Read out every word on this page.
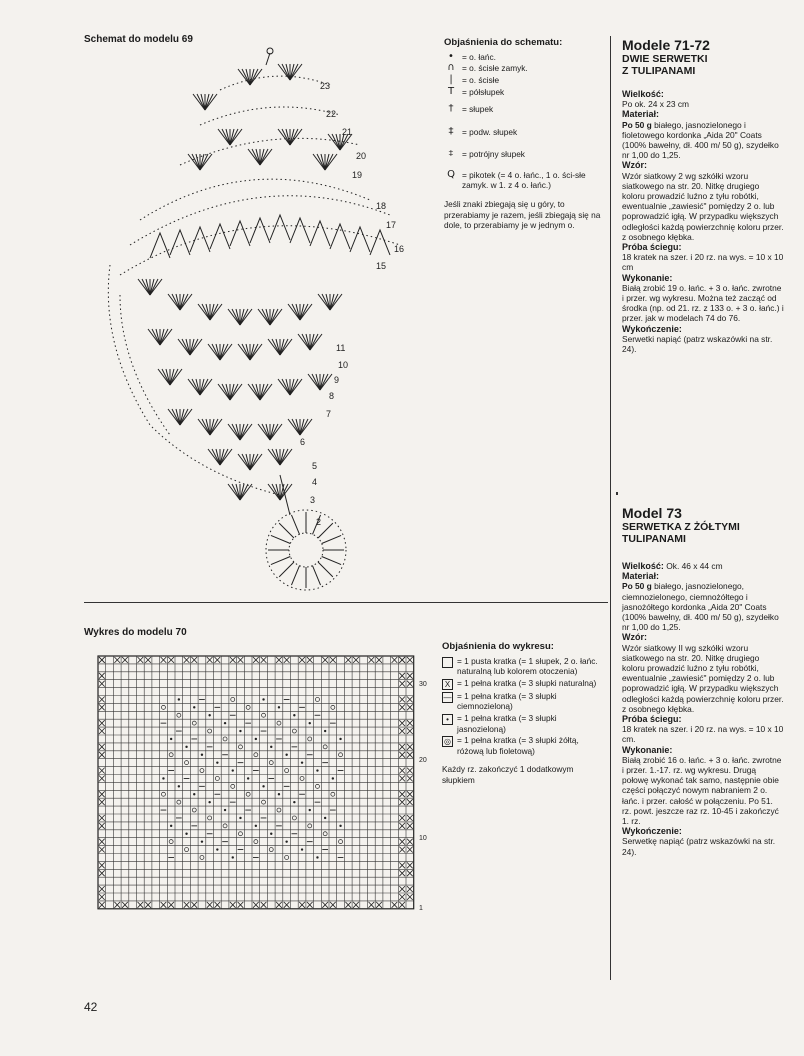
Schemat do modelu 69
Wykres do modelu 70
23
22
21
20
19
18
17
16
15
11
10
9
8
7
6
5
4
3
2
30
20
10
1
Objaśnienia do schematu:
• = o. łańc.
∩ = o. ścisłe zamyk.
|	= o. ścisłe
T = półsłupek
†	= słupek
‡	= podw. słupek
⧧	= potrójny słupek
Q = pikotek (= 4 o. łańc., 1 o. ści-słe zamyk. w 1. z 4 o. łańc.)
Jeśli znaki zbiegają się u góry, to przerabiamy je razem, jeśli zbiegają się na dole, to przerabiamy je w jednym o.
Objaśnienia do wykresu:
= 1 pusta kratka (= 1 słupek, 2 o. łańc. naturalną lub kolorem otoczenia)
X = 1 pełna kratka (= 3 słupki naturalną)
— = 1 pełna kratka (= 3 słupki ciemnozieloną)
• = 1 pełna kratka (= 3 słupki jasnozieloną)
◎ = 1 pełna kratka (= 3 słupki żółtą, różową lub fioletową)
Każdy rz. zakończyć 1 dodatkowym słupkiem
Modele 71-72
DWIE SERWETKI
Z TULIPANAMI
Wielkość:

Po ok. 24 x 23 cm

Materiał:

Po 50 g białego, jasnozielonego i fioletowego kordonka „Aida 20" Coats (100% bawełny, dł. 400 m/ 50 g), szydełko nr 1,00 do 1,25.

Wzór:

Wzór siatkowy 2 wg szkółki wzoru siatkowego na str. 20. Nitkę drugiego koloru prowadzić luźno z tyłu robótki, ewentualnie „zawiesić" pomiędzy 2 o. lub poprowadzić igłą. W przypadku większych odległości każdą powierzchnię koloru przer. z osobnego kłębka.

Próba ściegu:

18 kratek na szer. i 20 rz. na wys. = 10 x 10 cm

Wykonanie:

Białą zrobić 19 o. łańc. + 3 o. łańc. zwrotne i przer. wg wykresu. Można też zacząć od środka (np. od 21. rz. z 133 o. + 3 o. łańc.) i przer. jak w modelach 74 do 76.

Wykończenie:

Serwetki napiąć (patrz wskazówki na str. 24).

Model 73
SERWETKA Z ŻÓŁTYMI
TULIPANAMI

Wielkość: Ok. 46 x 44 cm

Materiał:

Po 50 g białego, jasnozielonego, ciemnozielonego, ciemnożółtego i jasnożółtego kordonka „Aida 20" Coats (100% bawełny, dł. 400 m/ 50 g), szydełko nr 1,00 do 1,25.

Wzór:

Wzór siatkowy II wg szkółki wzoru siatkowego na str. 20. Nitkę drugiego koloru prowadzić luźno z tyłu robótki, ewentualnie „zawiesić" pomiędzy 2 o. lub poprowadzić igłą. W przypadku większych odległości każdą powierzchnię koloru przer. z osobnego kłębka.

Próba ściegu:

18 kratek na szer. i 20 rz. na wys. = 10 x 10 cm.

Wykonanie:

Białą zrobić 16 o. łańc. + 3 o. łańc. zwrotne i przer. 1.-17. rz. wg wykresu. Drugą połowę wykonać tak samo, następnie obie części połączyć nowym nabraniem 2 o. łańc. i przer. całość w połączeniu. Po 51. rz. powt. jeszcze raz rz. 10-45 i zakończyć 1. rz.

Wykończenie:

Serwetkę napiąć (patrz wskazówki na str. 24).

42
